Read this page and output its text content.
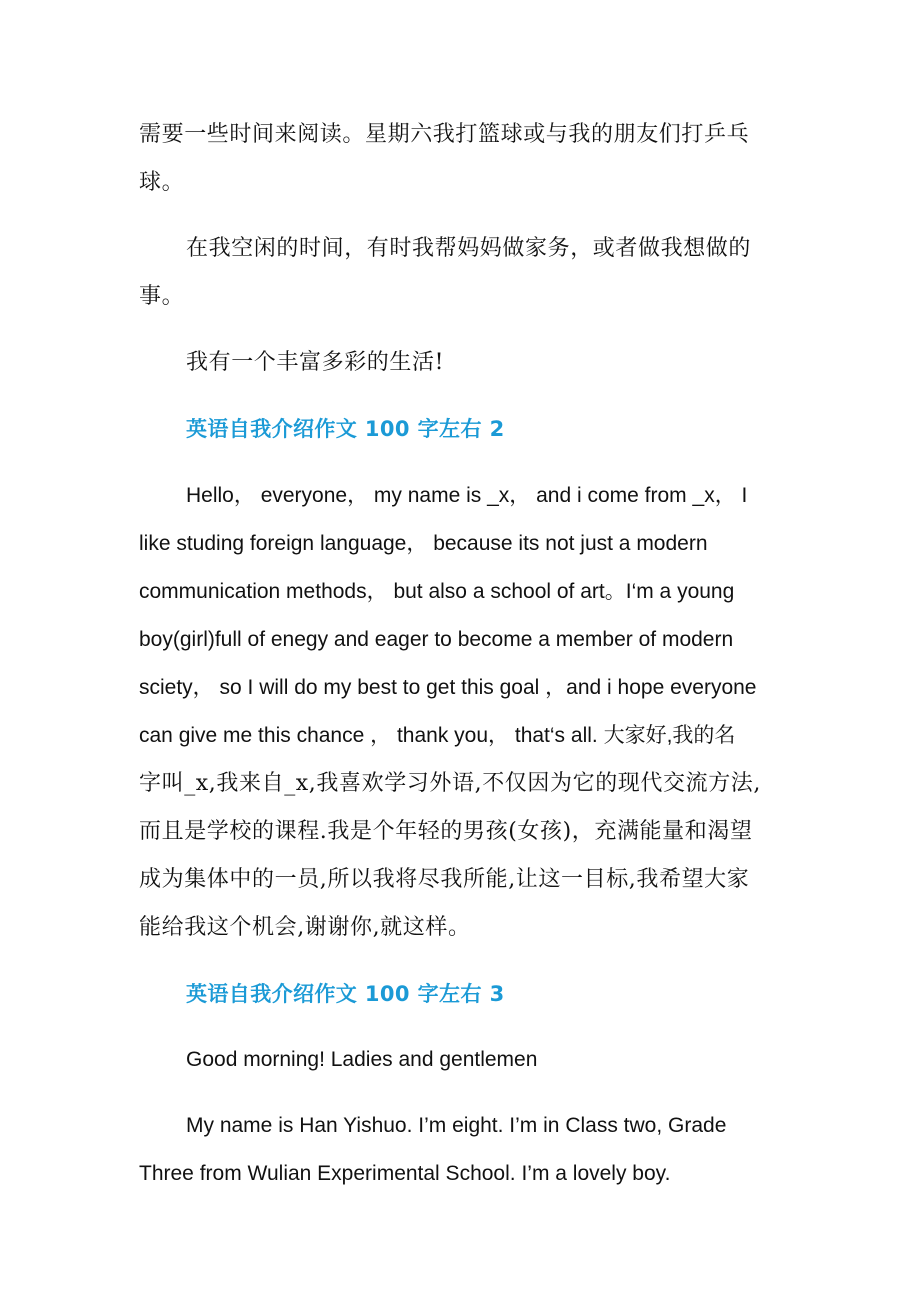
需要一些时间来阅读。星期六我打篮球或与我的朋友们打乒乓
球。
在我空闲的时间，有时我帮妈妈做家务，或者做我想做的
事。
我有一个丰富多彩的生活!
英语自我介绍作文 100 字左右 2
Hello， everyone， my name is _x， and i come from _x， I
like studing foreign language， because its not just a modern
communication methods， but also a school of art。I‘m a young
boy(girl)full of enegy and eager to become a member of modern
sciety， so I will do my best to get this goal ，and i hope everyone
can give me this chance ， thank you， that‘s all. 大家好,我的名
字叫_x,我来自_x,我喜欢学习外语,不仅因为它的现代交流方法,
而且是学校的课程.我是个年轻的男孩(女孩)，充满能量和渴望
成为集体中的一员,所以我将尽我所能,让这一目标,我希望大家
能给我这个机会,谢谢你,就这样。
英语自我介绍作文 100 字左右 3
Good morning! Ladies and gentlemen
My name is Han Yishuo. I’m eight. I’m in Class two, Grade
Three from Wulian Experimental School. I’m a lovely boy.
